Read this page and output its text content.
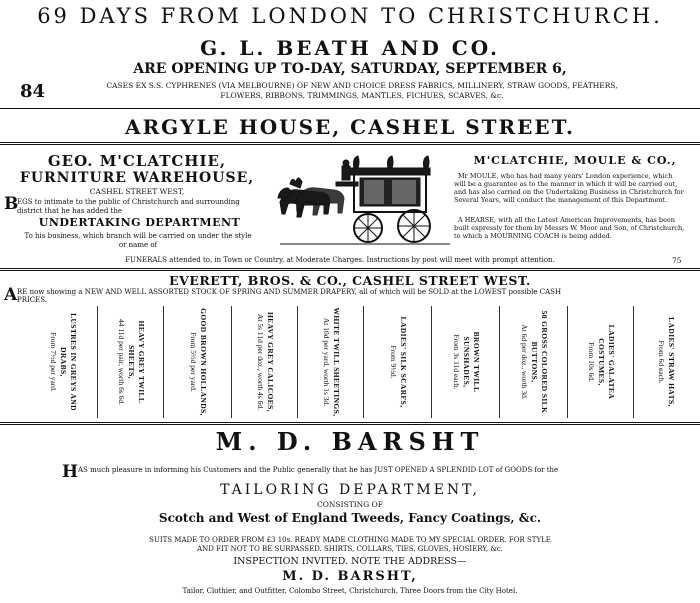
69 DAYS FROM LONDON TO CHRISTCHURCH.
G. L. BEATH AND CO.
ARE OPENING UP TO-DAY, SATURDAY, SEPTEMBER 6,
84	CASES EX S.S. CYPHRENES (VIA MELBOURNE) OF NEW AND CHOICE DRESS FABRICS, MILLINERY, STRAW GOODS, FEATHERS,
FLOWERS, RIBBONS, TRIMMINGS, MANTLES, FICHUES, SCARVES, &c.
ARGYLE HOUSE, CASHEL STREET.
GEO. M'CLATCHIE,
FURNITURE WAREHOUSE,
CASHEL STREET WEST,
B
EGS to intimate to the public of Christchurch and surrounding
district that he has added the
UNDERTAKING DEPARTMENT
To his business, which branch will be carried on under the style
or name of
M'CLATCHIE, MOULE & CO.,
Mr MOULE, who has had many years' London experience, which
will be a guarantee as to the manner in which it will be carried out,
and has also carried on the Undertaking Business in Christchurch for
Several Years, will conduct the management of this Department.
A HEARSE, with all the Latest American Improvements, has been
built expressly for them by Messrs W. Moor and Son, of Christchurch,
to which a MOURNING COACH is being added.
FUNERALS attended to, in Town or Country, at Moderate Charges. Instructions by post will meet with prompt attention.	75
EVERETT, BROS. & CO., CASHEL STREET WEST.
A RE now showing a NEW AND WELL ASSORTED STOCK OF SPRING AND SUMMER DRAPERY, all of which will be SOLD at the LOWEST possible CASH
PRICES.
LUSTRES IN GREYS AND
DRABS,
From 7½d per yard.	HEAVY GREY TWILL SHEETS,
44 11d per pair, worth 6s 6d.	GOOD BROWN HOLLANDS,
From 5½d per yard.	HEAVY GREY CALICOES,
At 5s 11d per doz., worth 4s 6d.	WHITE TWILL SHEETINGS,
At 10d per yard, worth 1s 3d.	LADIES' SILK SCARFS,
From 9½d.	BROWN TWILL SUNSHADES,
From 3s 11d each.	50 GROSS COLORED SILK
BUTTONS,
At 6d per doz., worth 3d.	LADIES' GALATEA COSTUMES,
From 10s 6d.	LADIES' STRAW HATS,
From 6d each.
M. D. BARSHT
H AS much pleasure in informing his Customers and the Public generally that he has JUST OPENED A SPLENDID LOT of GOODS for the
TAILORING DEPARTMENT,
CONSISTING OF
Scotch and West of England Tweeds, Fancy Coatings, &c.
SUITS MADE TO ORDER FROM £3 10s. READY MADE CLOTHING MADE TO MY SPECIAL ORDER. FOR STYLE
AND FIT NOT TO BE SURPASSED. SHIRTS, COLLARS, TIES, GLOVES, HOSIERY, &c.
INSPECTION INVITED. NOTE THE ADDRESS—
M. D. BARSHT,
Tailor, Clothier, and Outfitter, Colombo Street, Christchurch, Three Doors from the City Hotel.
